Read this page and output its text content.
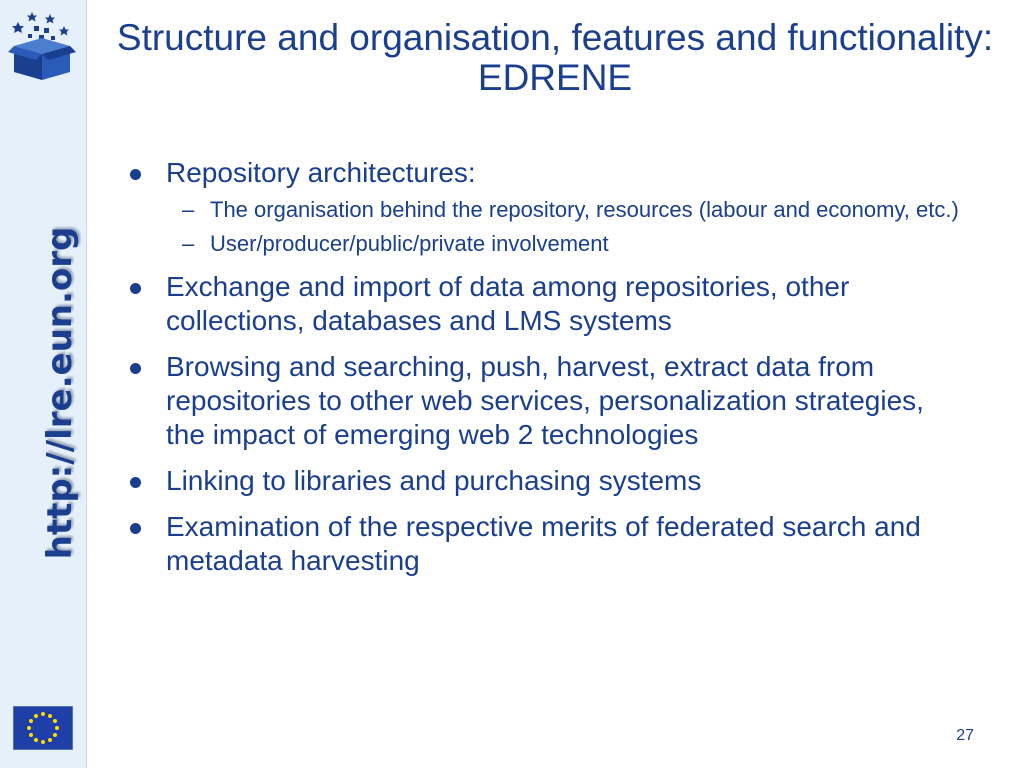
http://lre.eun.org
Structure and organisation, features and functionality: EDRENE
Repository architectures:
– The organisation behind the repository, resources (labour and economy, etc.)
– User/producer/public/private involvement
Exchange and import of data among repositories, other collections, databases and LMS systems
Browsing and searching, push, harvest, extract data from repositories to other web services, personalization strategies, the impact of emerging web 2 technologies
Linking to libraries and purchasing systems
Examination of the respective merits of federated search and metadata harvesting
27
